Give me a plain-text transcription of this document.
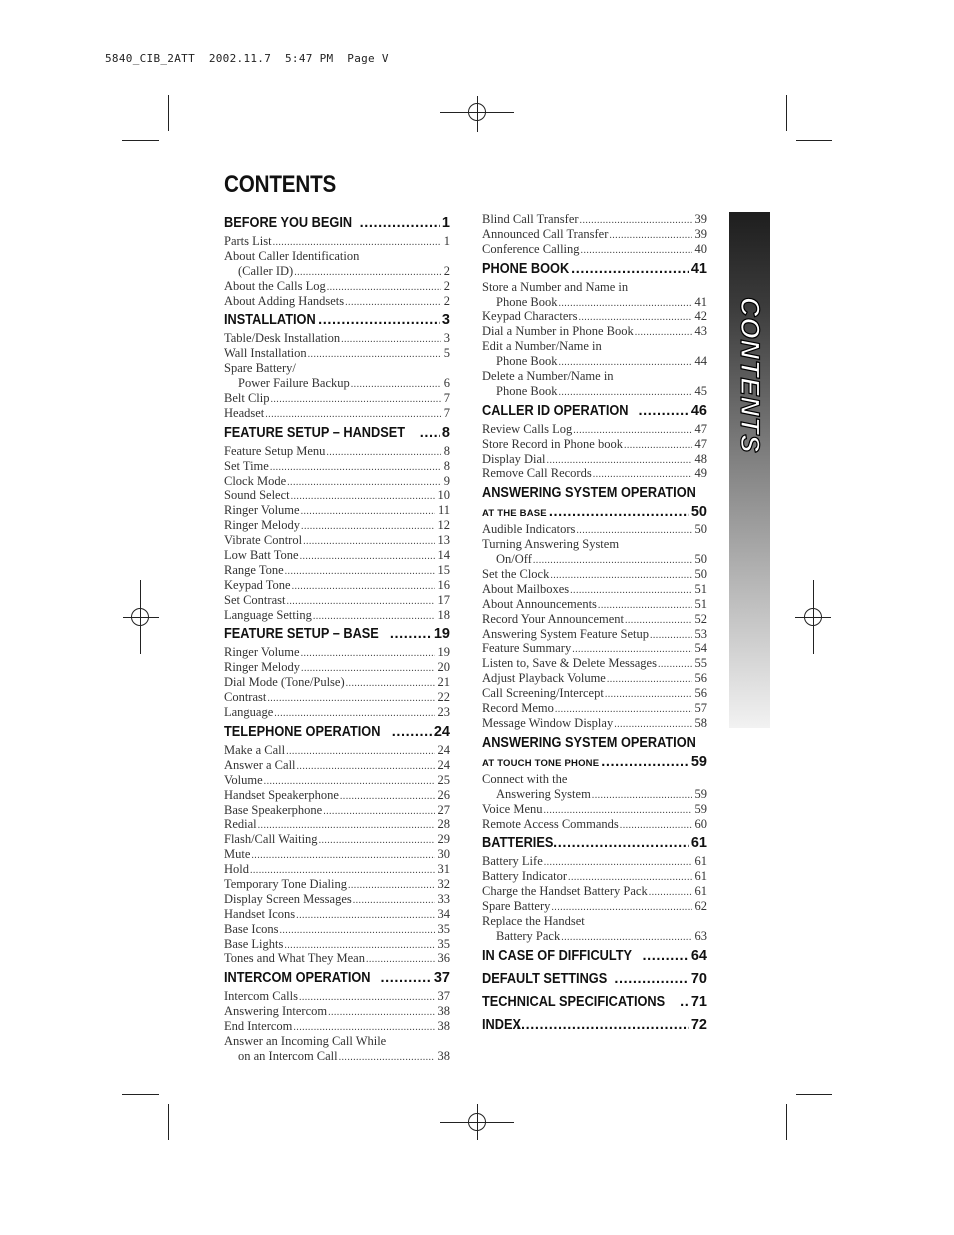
5840_CIB_2ATT  2002.11.7  5:47 PM  Page V
CONTENTS
BEFORE YOU BEGIN .....	1
Parts List .....	1
About Caller Identification
(Caller ID) .....	2
About the Calls Log .....	2
About Adding Handsets .....	2
INSTALLATION .....	3
Table/Desk Installation .....	3
Wall Installation .....	5
Spare Battery/
Power Failure Backup .....	6
Belt Clip .....	7
Headset .....	7
FEATURE SETUP – HANDSET .....	8
Feature Setup Menu .....	8
Set Time .....	8
Clock Mode .....	9
Sound Select .....	10
Ringer Volume .....	11
Ringer Melody .....	12
Vibrate Control .....	13
Low Batt Tone .....	14
Range Tone .....	15
Keypad Tone .....	16
Set Contrast .....	17
Language Setting .....	18
FEATURE SETUP – BASE .....	19
Ringer Volume .....	19
Ringer Melody .....	20
Dial Mode (Tone/Pulse) .....	21
Contrast .....	22
Language .....	23
TELEPHONE OPERATION .....	24
Make a Call .....	24
Answer a Call .....	24
Volume .....	25
Handset Speakerphone .....	26
Base Speakerphone .....	27
Redial .....	28
Flash/Call Waiting .....	29
Mute .....	30
Hold .....	31
Temporary Tone Dialing .....	32
Display Screen Messages .....	33
Handset Icons .....	34
Base Icons .....	35
Base Lights .....	35
Tones and What They Mean .....	36
INTERCOM OPERATION .....	37
Intercom Calls .....	37
Answering Intercom .....	38
End Intercom .....	38
Answer an Incoming Call While
on an Intercom Call .....	38
Blind Call Transfer .....	39
Announced Call Transfer .....	39
Conference Calling .....	40
PHONE BOOK .....	41
Store a Number and Name in
Phone Book .....	41
Keypad Characters .....	42
Dial a Number in Phone Book .....	43
Edit a Number/Name in
Phone Book .....	44
Delete a Number/Name in
Phone Book .....	45
CALLER ID OPERATION .....	46
Review Calls Log .....	47
Store Record in Phone book .....	47
Display Dial .....	48
Remove Call Records .....	49
ANSWERING SYSTEM OPERATION
AT THE BASE .....	50
Audible Indicators .....	50
Turning Answering System
On/Off .....	50
Set the Clock .....	50
About Mailboxes .....	51
About Announcements .....	51
Record Your Announcement .....	52
Answering System Feature Setup .....	53
Feature Summary .....	54
Listen to, Save & Delete Messages .....	55
Adjust Playback Volume .....	56
Call Screening/Intercept .....	56
Record Memo .....	57
Message Window Display .....	58
ANSWERING SYSTEM OPERATION
AT TOUCH TONE PHONE .....	59
Connect with the
Answering System .....	59
Voice Menu .....	59
Remote Access Commands .....	60
BATTERIES .....	61
Battery Life .....	61
Battery Indicator .....	61
Charge the Handset Battery Pack .....	61
Spare Battery .....	62
Replace the Handset
Battery Pack .....	63
IN CASE OF DIFFICULTY .....	64
DEFAULT SETTINGS .....	70
TECHNICAL SPECIFICATIONS ..... 71
INDEX .....	72
CONTENTS
